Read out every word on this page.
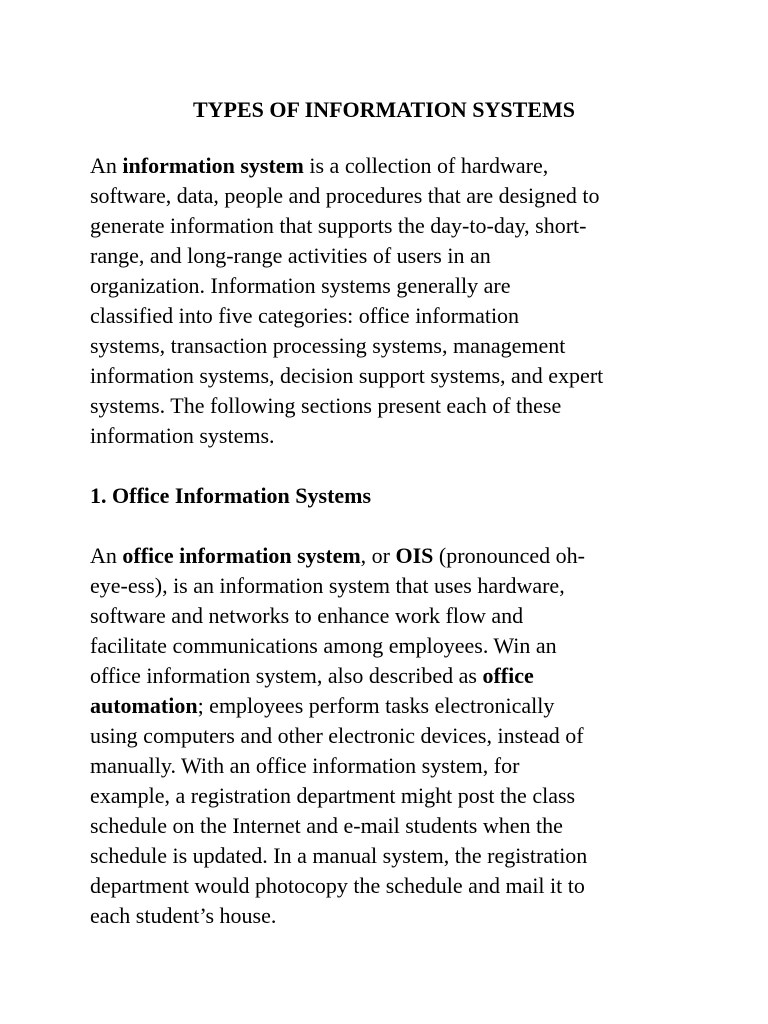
TYPES OF INFORMATION SYSTEMS
An information system is a collection of hardware,
software, data, people and procedures that are designed to
generate information that supports the day-to-day, short-
range, and long-range activities of users in an
organization. Information systems generally are
classified into five categories: office information
systems, transaction processing systems, management
information systems, decision support systems, and expert
systems. The following sections present each of these
information systems.
1. Office Information Systems
An office information system, or OIS (pronounced oh-
eye-ess), is an information system that uses hardware,
software and networks to enhance work flow and
facilitate communications among employees. Win an
office information system, also described as office
automation; employees perform tasks electronically
using computers and other electronic devices, instead of
manually. With an office information system, for
example, a registration department might post the class
schedule on the Internet and e-mail students when the
schedule is updated. In a manual system, the registration
department would photocopy the schedule and mail it to
each student’s house.
